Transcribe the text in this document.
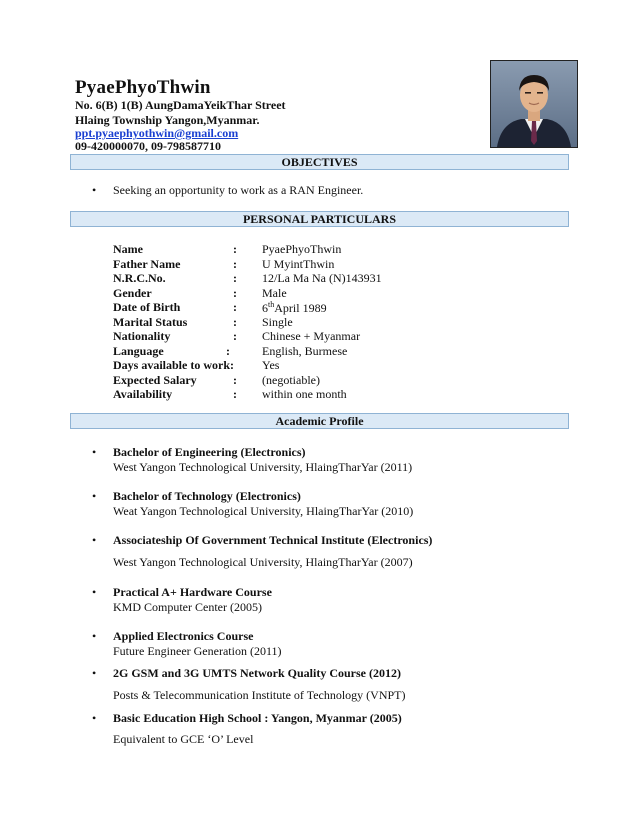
PyaePhyoThwin
No. 6(B) 1(B) AungDamaYeikThar Street
Hlaing Township Yangon,Myanmar.
ppt.pyaephyothwin@gmail.com
09-420000070, 09-798587710
OBJECTIVES
• Seeking an opportunity to work as a RAN Engineer.
PERSONAL PARTICULARS
Name	: PyaePhyoThwin
Father Name	: U MyintThwin
N.R.C.No.	: 12/La Ma Na (N)143931
Gender	: Male
Date of Birth	: 6thApril 1989
Marital Status	: Single
Nationality	: Chinese + Myanmar
Language	:	English, Burmese
Days available to work: Yes
Expected Salary	: (negotiable)
Availability	: within one month
Academic Profile
• Bachelor of Engineering (Electronics)
West Yangon Technological University, HlaingTharYar (2011)
• Bachelor of Technology (Electronics)
Weat Yangon Technological University, HlaingTharYar (2010)
• Associateship Of Government Technical Institute (Electronics)
West Yangon Technological University, HlaingTharYar (2007)
• Practical A+ Hardware Course
KMD Computer Center (2005)
• Applied Electronics Course
Future Engineer Generation (2011)
• 2G GSM and 3G UMTS Network Quality Course (2012)
Posts & Telecommunication Institute of Technology (VNPT)
• Basic Education High School : Yangon, Myanmar (2005)
Equivalent to GCE ‘O’ Level
